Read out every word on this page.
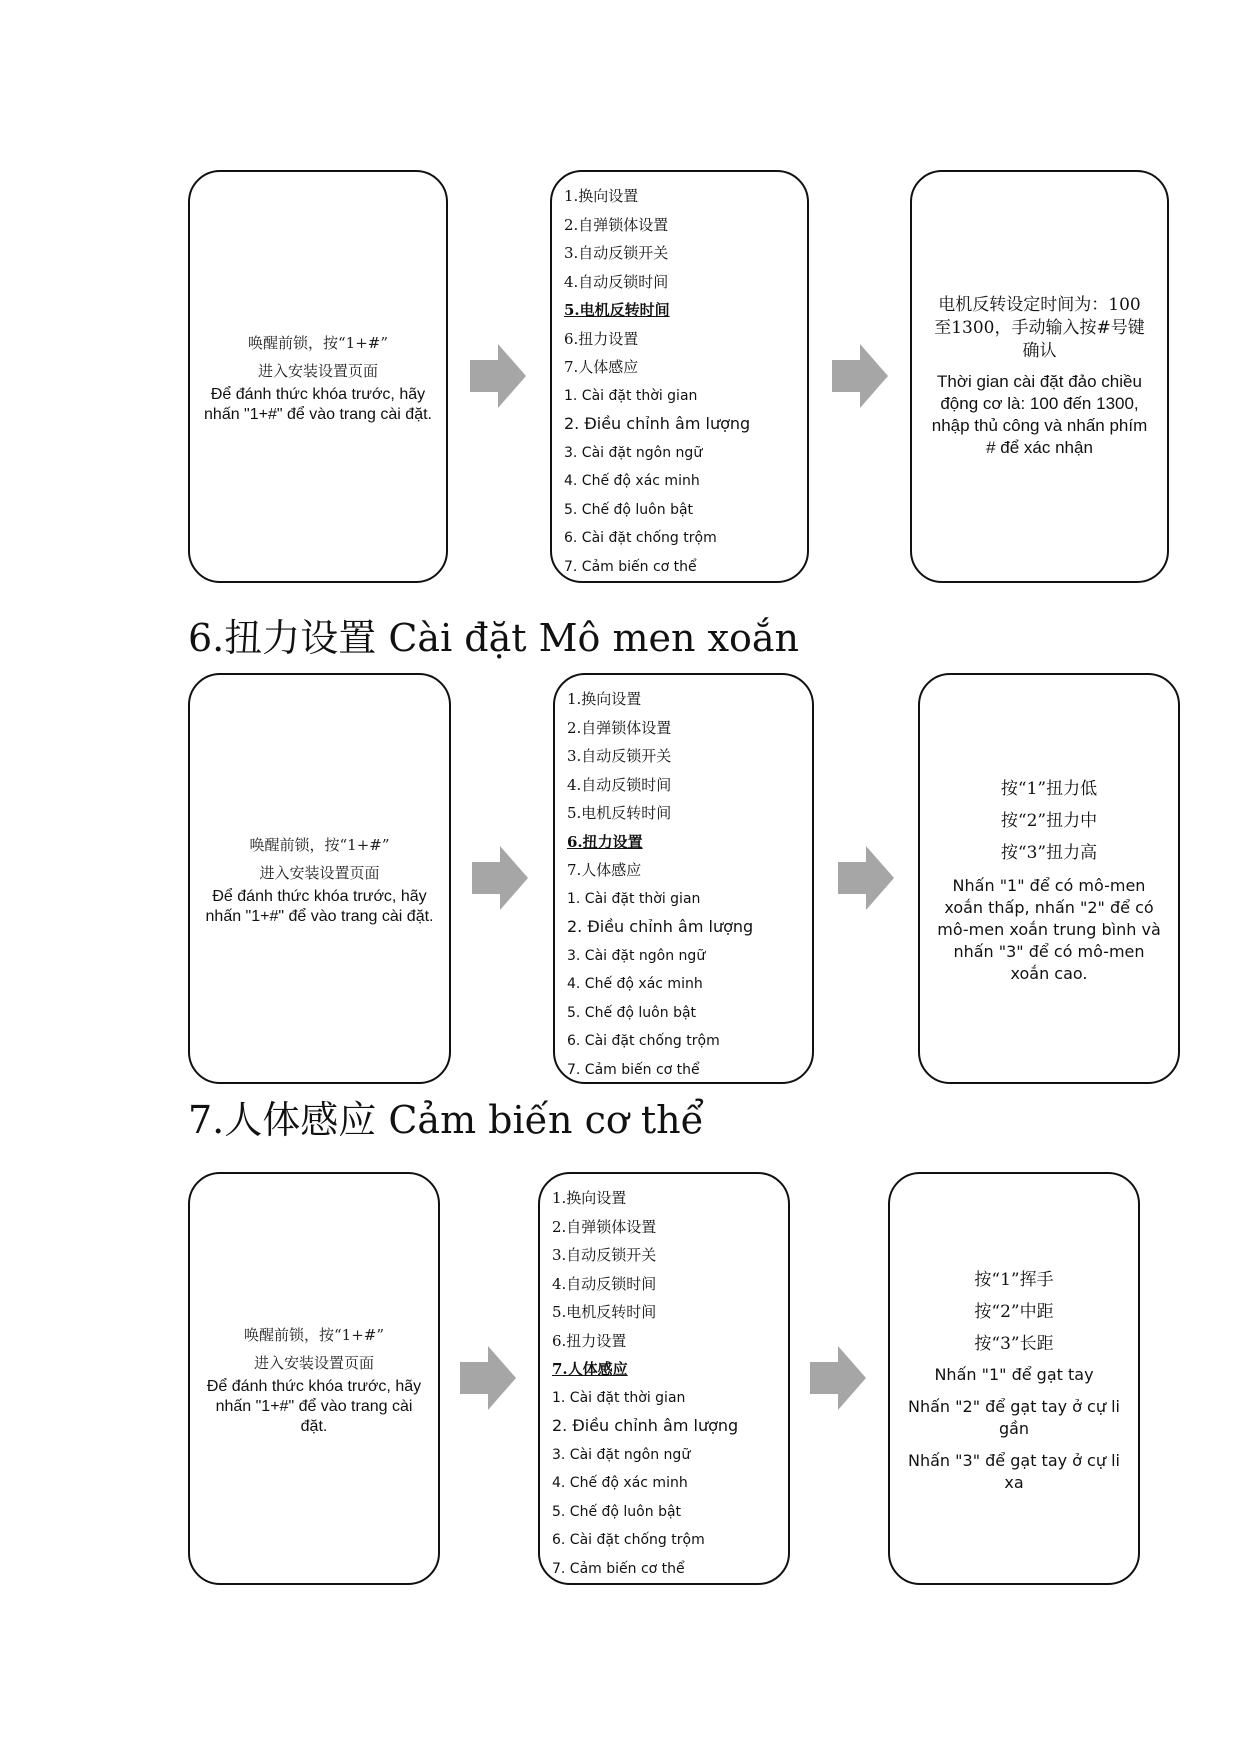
唤醒前锁，按“1+#”
进入安装设置页面
Để đánh thức khóa trước, hãy nhấn "1+#" để vào trang cài đặt.
1.换向设置
2.自弹锁体设置
3.自动反锁开关
4.自动反锁时间
5.电机反转时间
6.扭力设置
7.人体感应
1. Cài đặt thời gian
2. Điều chỉnh âm lượng
3. Cài đặt ngôn ngữ
4. Chế độ xác minh
5. Chế độ luôn bật
6. Cài đặt chống trộm
7. Cảm biến cơ thể
电机反转设定时间为：100至1300，手动输入按#号键确认
Thời gian cài đặt đảo chiều động cơ là: 100 đến 1300, nhập thủ công và nhấn phím # để xác nhận
6.扭力设置 Cài đặt Mô men xoắn
唤醒前锁，按“1+#”
进入安装设置页面
Để đánh thức khóa trước, hãy nhấn "1+#" để vào trang cài đặt.
1.换向设置
2.自弹锁体设置
3.自动反锁开关
4.自动反锁时间
5.电机反转时间
6.扭力设置
7.人体感应
1. Cài đặt thời gian
2. Điều chỉnh âm lượng
3. Cài đặt ngôn ngữ
4. Chế độ xác minh
5. Chế độ luôn bật
6. Cài đặt chống trộm
7. Cảm biến cơ thể
按“1”扭力低
按“2”扭力中
按“3”扭力高
Nhấn "1" để có mô-men xoắn thấp, nhấn "2" để có mô-men xoắn trung bình và nhấn "3" để có mô-men xoắn cao.
7.人体感应 Cảm biến cơ thể
唤醒前锁，按“1+#”
进入安装设置页面
Để đánh thức khóa trước, hãy nhấn "1+#" để vào trang cài đặt.
1.换向设置
2.自弹锁体设置
3.自动反锁开关
4.自动反锁时间
5.电机反转时间
6.扭力设置
7.人体感应
1. Cài đặt thời gian
2. Điều chỉnh âm lượng
3. Cài đặt ngôn ngữ
4. Chế độ xác minh
5. Chế độ luôn bật
6. Cài đặt chống trộm
7. Cảm biến cơ thể
按“1”挥手
按“2”中距
按“3”长距
Nhấn "1" để gạt tay
Nhấn "2" để gạt tay ở cự li gần
Nhấn "3" để gạt tay ở cự li xa
